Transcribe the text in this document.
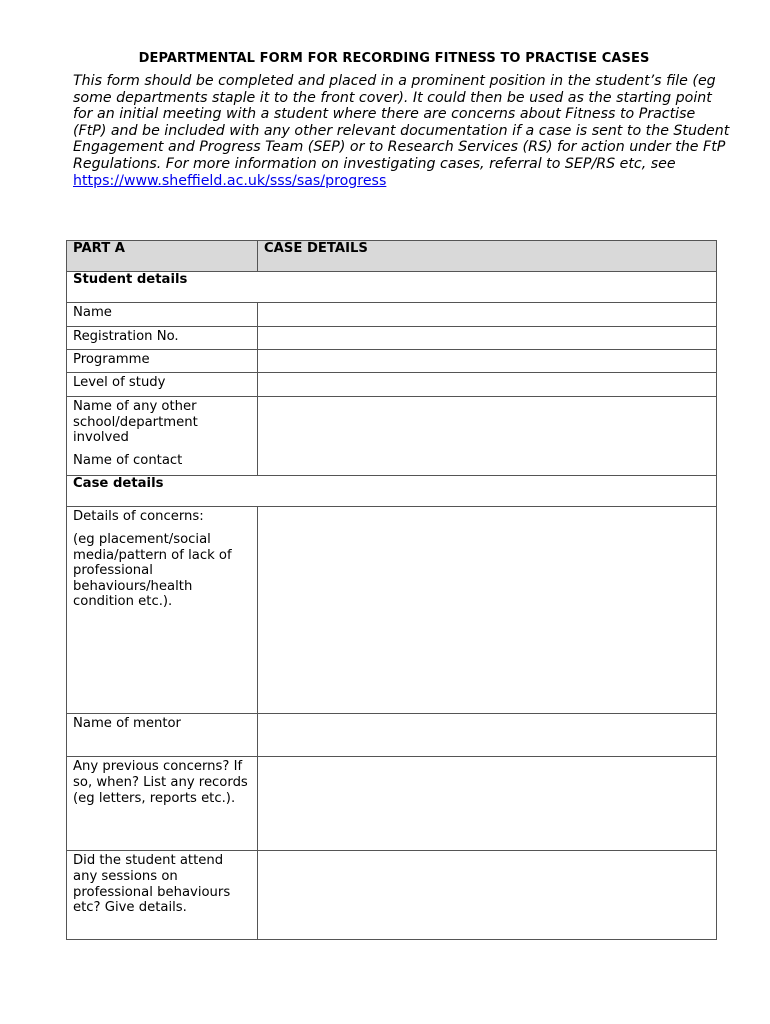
DEPARTMENTAL FORM FOR RECORDING FITNESS TO PRACTISE CASES
This form should be completed and placed in a prominent position in the student’s file (eg some departments staple it to the front cover). It could then be used as the starting point for an initial meeting with a student where there are concerns about Fitness to Practise (FtP) and be included with any other relevant documentation if a case is sent to the Student Engagement and Progress Team (SEP) or to Research Services (RS) for action under the FtP Regulations. For more information on investigating cases, referral to SEP/RS etc, see https://www.sheffield.ac.uk/sss/sas/progress
PART A	CASE DETAILS
Student details	
Name	
Registration No.	
Programme	
Level of study	

Name of any other school/department involved

Name of contact	

Case details	

Details of concerns:

(eg placement/social media/pattern of lack of professional behaviours/health condition etc.).	

Name of mentor	
Any previous concerns? If so, when? List any records (eg letters, reports etc.).	
Did the student attend any sessions on professional behaviours etc? Give details.	
